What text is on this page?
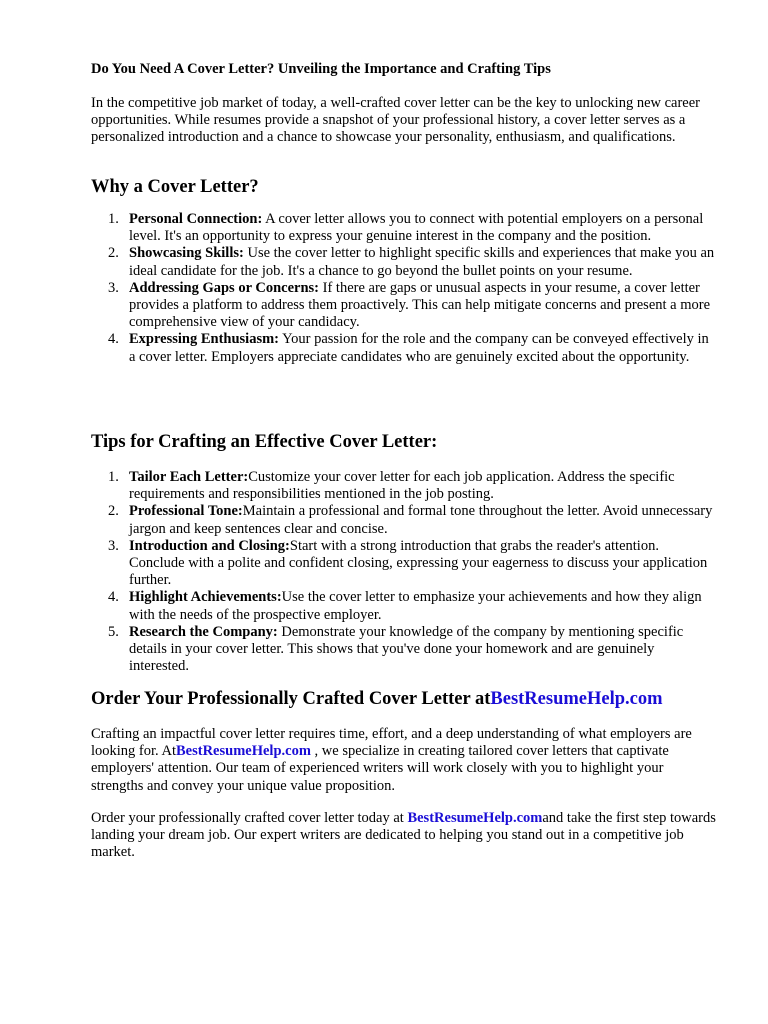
Do You Need A Cover Letter? Unveiling the Importance and Crafting Tips

In the competitive job market of today, a well-crafted cover letter can be the key to unlocking new career opportunities. While resumes provide a snapshot of your professional history, a cover letter serves as a personalized introduction and a chance to showcase your personality, enthusiasm, and qualifications.

Why a Cover Letter?
1. Personal Connection: A cover letter allows you to connect with potential employers on a personal level. It's an opportunity to express your genuine interest in the company and the position.
2. Showcasing Skills: Use the cover letter to highlight specific skills and experiences that make you an ideal candidate for the job. It's a chance to go beyond the bullet points on your resume.
3. Addressing Gaps or Concerns: If there are gaps or unusual aspects in your resume, a cover letter provides a platform to address them proactively. This can help mitigate concerns and present a more comprehensive view of your candidacy.
4. Expressing Enthusiasm: Your passion for the role and the company can be conveyed effectively in a cover letter. Employers appreciate candidates who are genuinely excited about the opportunity.
Tips for Crafting an Effective Cover Letter:
1. Tailor Each Letter:Customize your cover letter for each job application. Address the specific requirements and responsibilities mentioned in the job posting.
2. Professional Tone:Maintain a professional and formal tone throughout the letter. Avoid unnecessary jargon and keep sentences clear and concise.
3. Introduction and Closing:Start with a strong introduction that grabs the reader's attention. Conclude with a polite and confident closing, expressing your eagerness to discuss your application further.
4. Highlight Achievements:Use the cover letter to emphasize your achievements and how they align with the needs of the prospective employer.
5. Research the Company: Demonstrate your knowledge of the company by mentioning specific details in your cover letter. This shows that you've done your homework and are genuinely interested.
Order Your Professionally Crafted Cover Letter atBestResumeHelp.com

Crafting an impactful cover letter requires time, effort, and a deep understanding of what employers are looking for. AtBestResumeHelp.com , we specialize in creating tailored cover letters that captivate employers' attention. Our team of experienced writers will work closely with you to highlight your strengths and convey your unique value proposition.

Order your professionally crafted cover letter today at BestResumeHelp.comand take the first step towards landing your dream job. Our expert writers are dedicated to helping you stand out in a competitive job market.
